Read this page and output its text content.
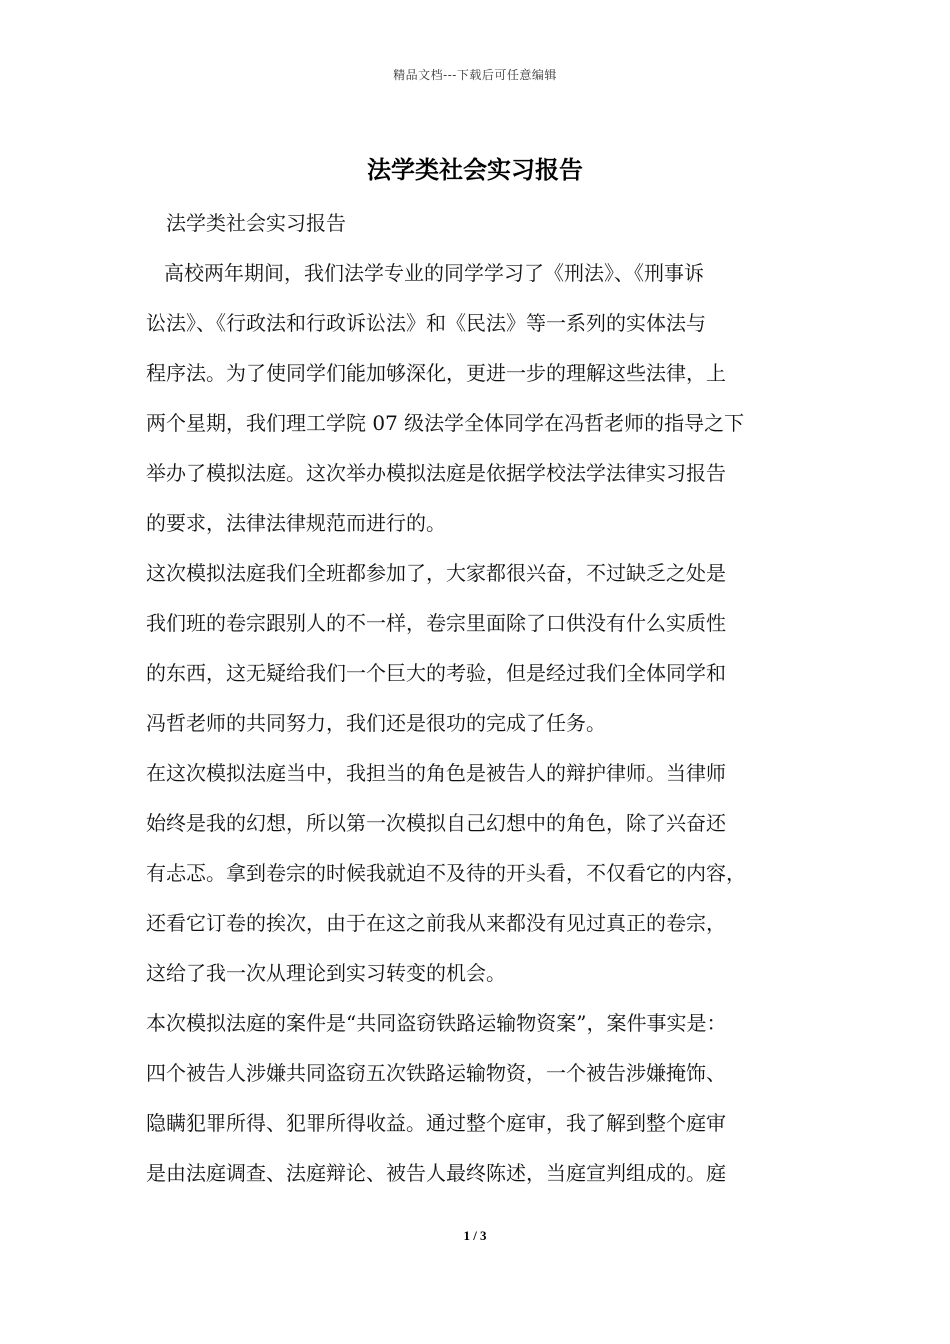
精品文档---下载后可任意编辑
法学类社会实习报告
法学类社会实习报告
高校两年期间，我们法学专业的同学学习了《刑法》、《刑事诉
讼法》、《行政法和行政诉讼法》和《民法》等一系列的实体法与
程序法。为了使同学们能加够深化，更进一步的理解这些法律，上
两个星期，我们理工学院 07 级法学全体同学在冯哲老师的指导之下
举办了模拟法庭。这次举办模拟法庭是依据学校法学法律实习报告
的要求，法律法律规范而进行的。
这次模拟法庭我们全班都参加了，大家都很兴奋，不过缺乏之处是
我们班的卷宗跟别人的不一样，卷宗里面除了口供没有什么实质性
的东西，这无疑给我们一个巨大的考验，但是经过我们全体同学和
冯哲老师的共同努力，我们还是很功的完成了任务。
在这次模拟法庭当中，我担当的角色是被告人的辩护律师。当律师
始终是我的幻想，所以第一次模拟自己幻想中的角色，除了兴奋还
有忐忑。拿到卷宗的时候我就迫不及待的开头看，不仅看它的内容，
还看它订卷的挨次，由于在这之前我从来都没有见过真正的卷宗，
这给了我一次从理论到实习转变的机会。
本次模拟法庭的案件是“共同盗窃铁路运输物资案”，案件事实是：
四个被告人涉嫌共同盗窃五次铁路运输物资，一个被告涉嫌掩饰、
隐瞒犯罪所得、犯罪所得收益。通过整个庭审，我了解到整个庭审
是由法庭调查、法庭辩论、被告人最终陈述，当庭宣判组成的。庭
1 / 3
